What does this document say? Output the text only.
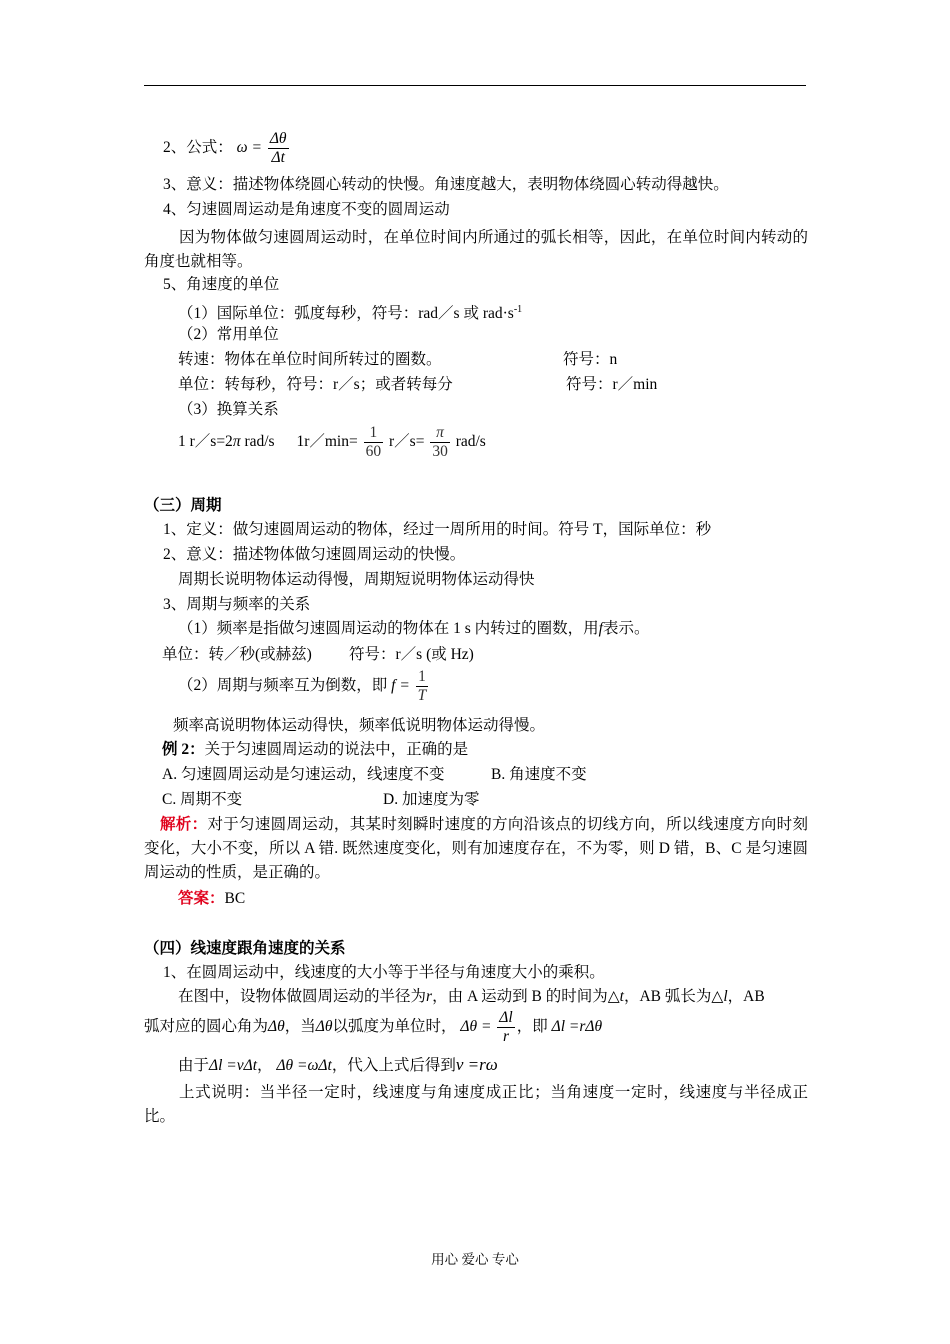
2、公式： $\omega = \frac{\Delta\theta}{\Delta t}$
3、意义：描述物体绕圆心转动的快慢。角速度越大，表明物体绕圆心转动得越快。
4、匀速圆周运动是角速度不变的圆周运动
因为物体做匀速圆周运动时，在单位时间内所通过的弧长相等，因此，在单位时间内转动的角度也就相等。
5、角速度的单位
（1）国际单位：弧度每秒，符号：rad／s 或 $rad\cdot s^{-1}$
（2）常用单位
转速：物体在单位时间所转过的圈数。	符号：n
单位：转每秒，符号：r／s；或者转每分	符号：r／min
（3）换算关系
1 r／s=2π rad/s 1r／min= $\frac{1}{60}$ r／s= $\frac{\pi}{30} rad/s$
（三）周期
1、定义：做匀速圆周运动的物体，经过一周所用的时间。符号 T，国际单位：秒
2、意义：描述物体做匀速圆周运动的快慢。
周期长说明物体运动得慢，周期短说明物体运动得快
3、周期与频率的关系
（1）频率是指做匀速圆周运动的物体在 1 s 内转过的圈数，用f表示。
单位：转／秒(或赫兹) 符号：r／s (或 Hz)
（2）周期与频率互为倒数，即 $f = \frac{1}{T}$
频率高说明物体运动得快，频率低说明物体运动得慢。
例 2：关于匀速圆周运动的说法中，正确的是
A. 匀速圆周运动是匀速运动，线速度不变	B. 角速度不变
C. 周期不变	D. 加速度为零
解析：对于匀速圆周运动，其某时刻瞬时速度的方向沿该点的切线方向，所以线速度方向时刻变化，大小不变，所以 A 错. 既然速度变化，则有加速度存在，不为零，则 D 错，B、C 是匀速圆周运动的性质，是正确的。
答案：BC
（四）线速度跟角速度的关系
1、在圆周运动中，线速度的大小等于半径与角速度大小的乘积。
在图中，设物体做圆周运动的半径为r，由 A 运动到 B 的时间为△t，AB 弧长为△l，AB
弧对应的圆心角为Δθ，当Δθ以弧度为单位时， $\Delta\theta = \frac{\Delta l}{r}$ ，即 Δl =rΔθ
由于Δl =vΔt， Δθ =ωΔt，代入上式后得到v =rω
上式说明：当半径一定时，线速度与角速度成正比；当角速度一定时，线速度与半径成正比。
用心 爱心 专心
